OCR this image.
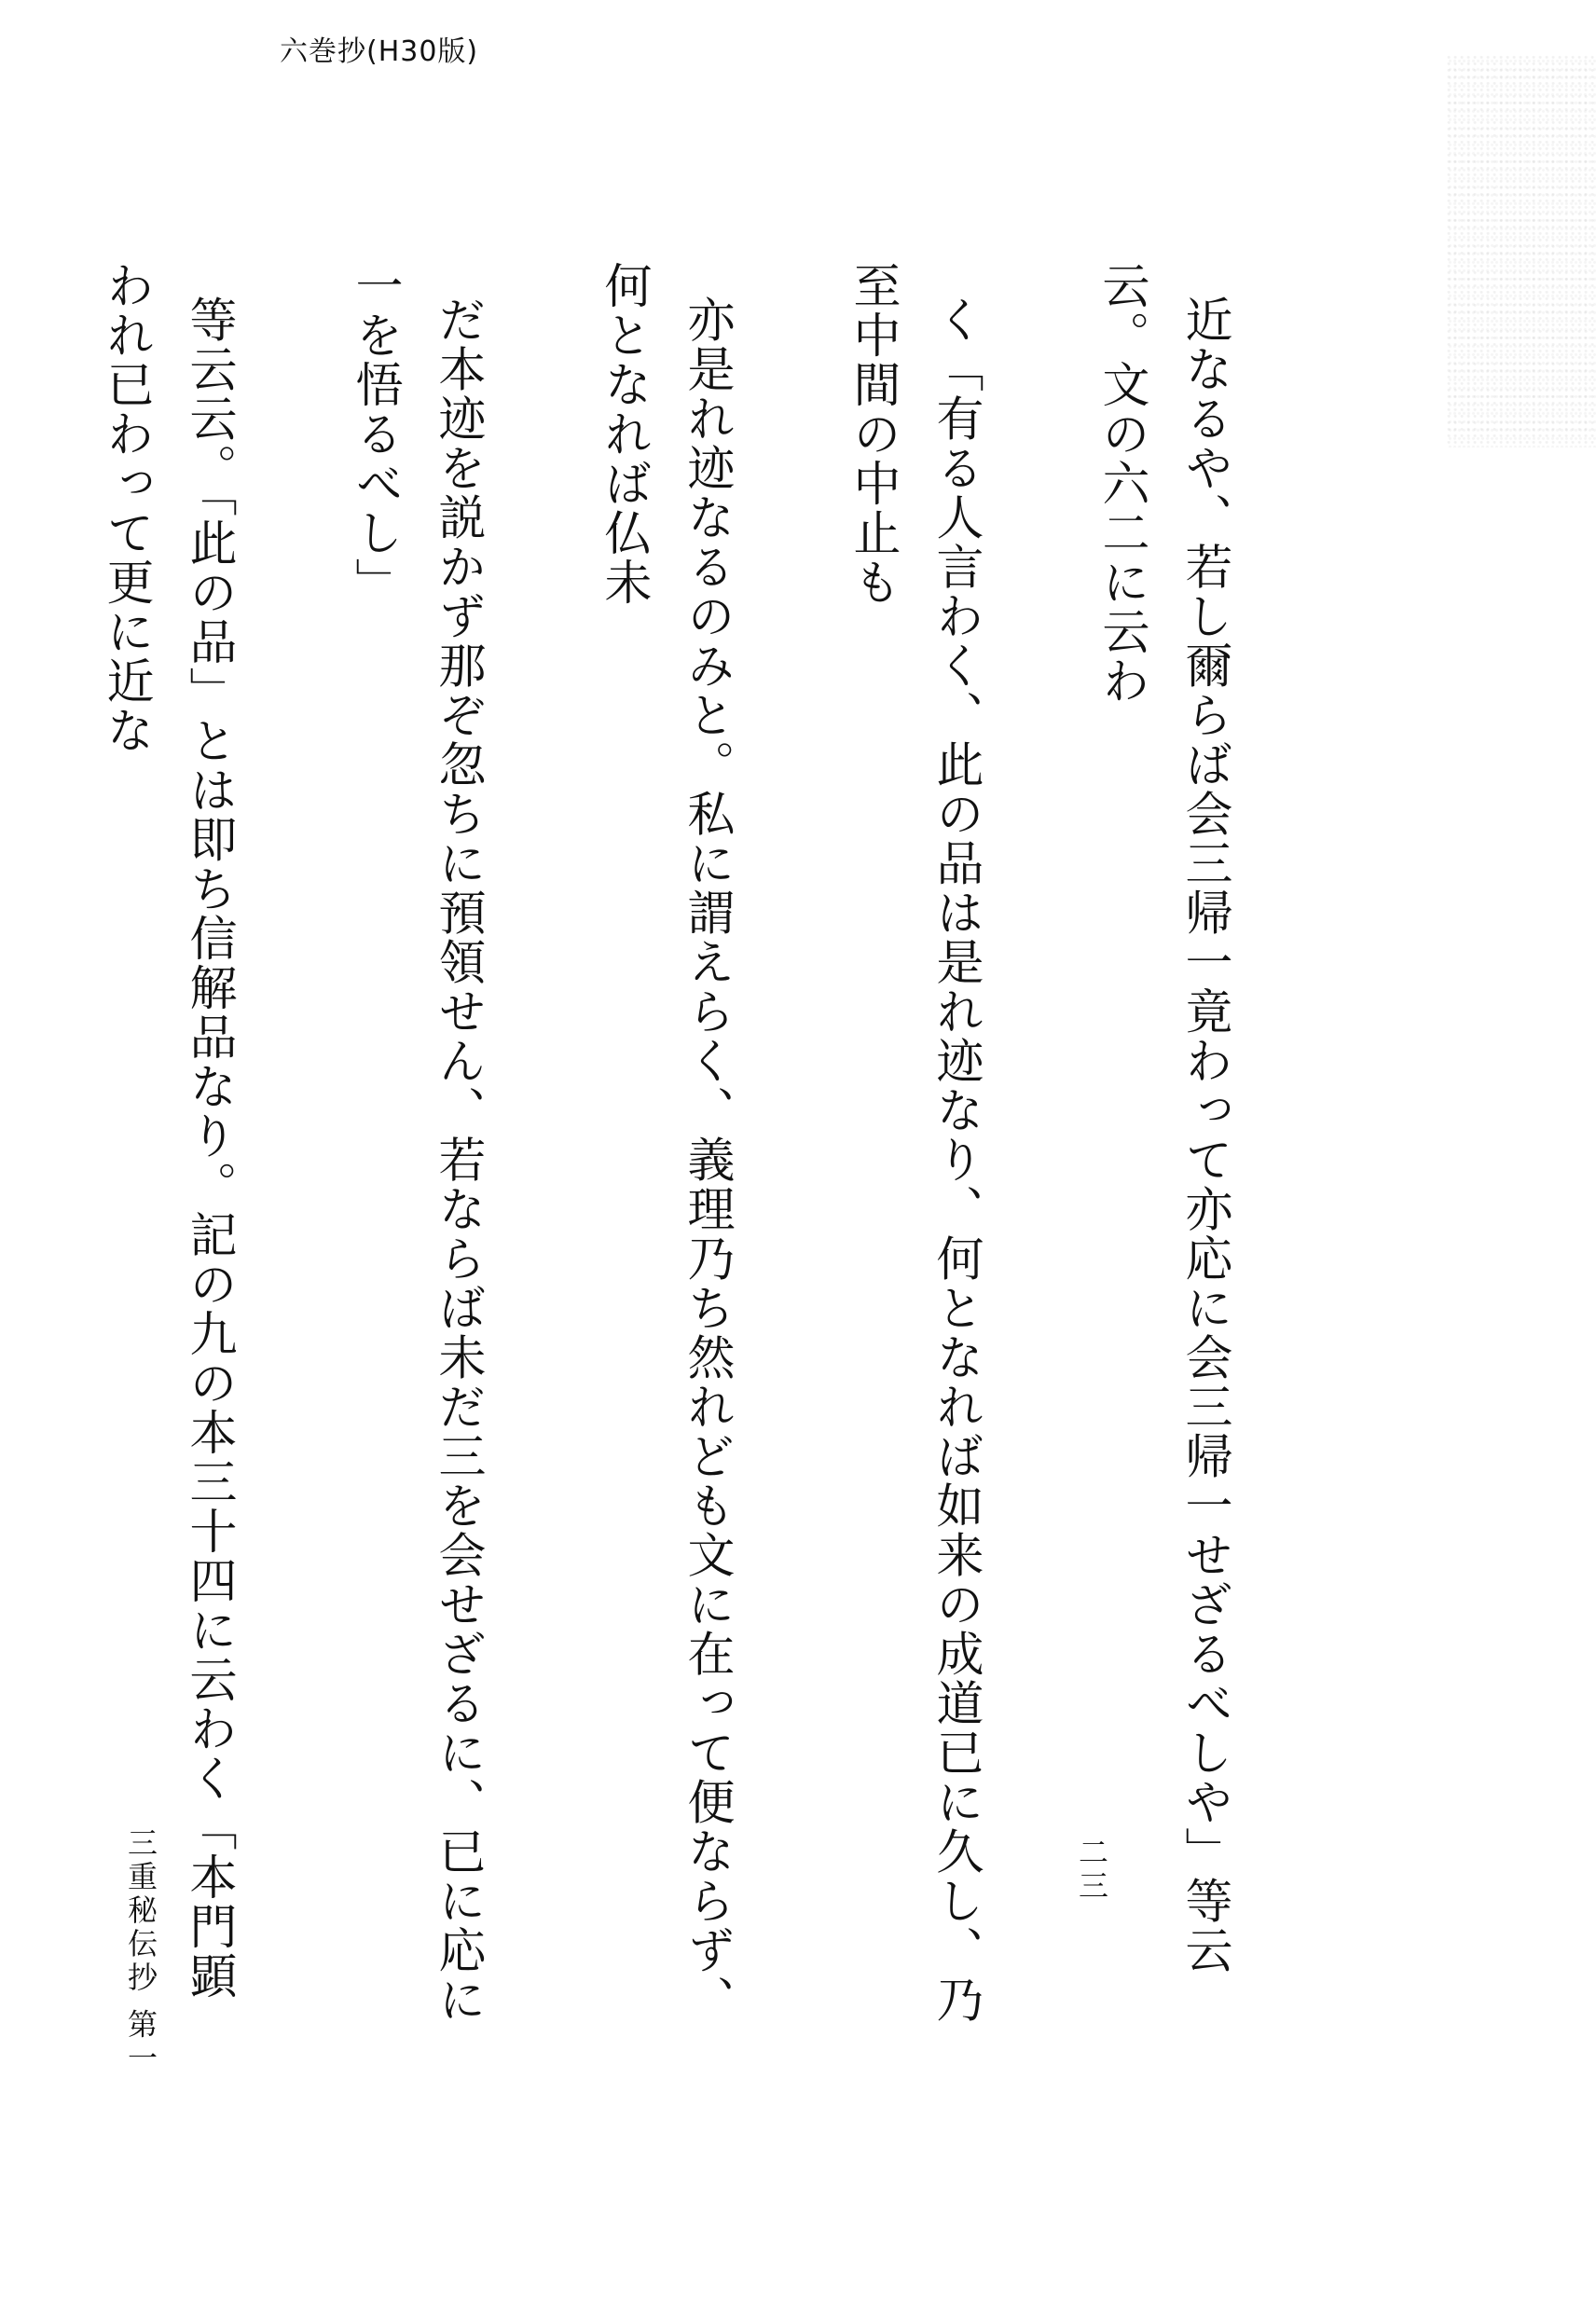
六巻抄(H30版)

近なるや、若し爾らば会三帰一竟わって亦応に会三帰一せざるべしや」等云云。文の六二に云わ

く「有る人言わく、此の品は是れ迹なり、何となれば如来の成道已に久し、乃至中間の中止も

亦是れ迹なるのみと。私に謂えらく、義理乃ち然れども文に在って便ならず、何となれば仏未

だ本迹を説かず那ぞ忽ちに預領せん、若ならば未だ三を会せざるに、已に応に一を悟るべし」

等云云。「此の品」とは即ち信解品なり。記の九の本三十四に云わく「本門顕われ已わって更に近な

三重秘伝抄 第一	二三
